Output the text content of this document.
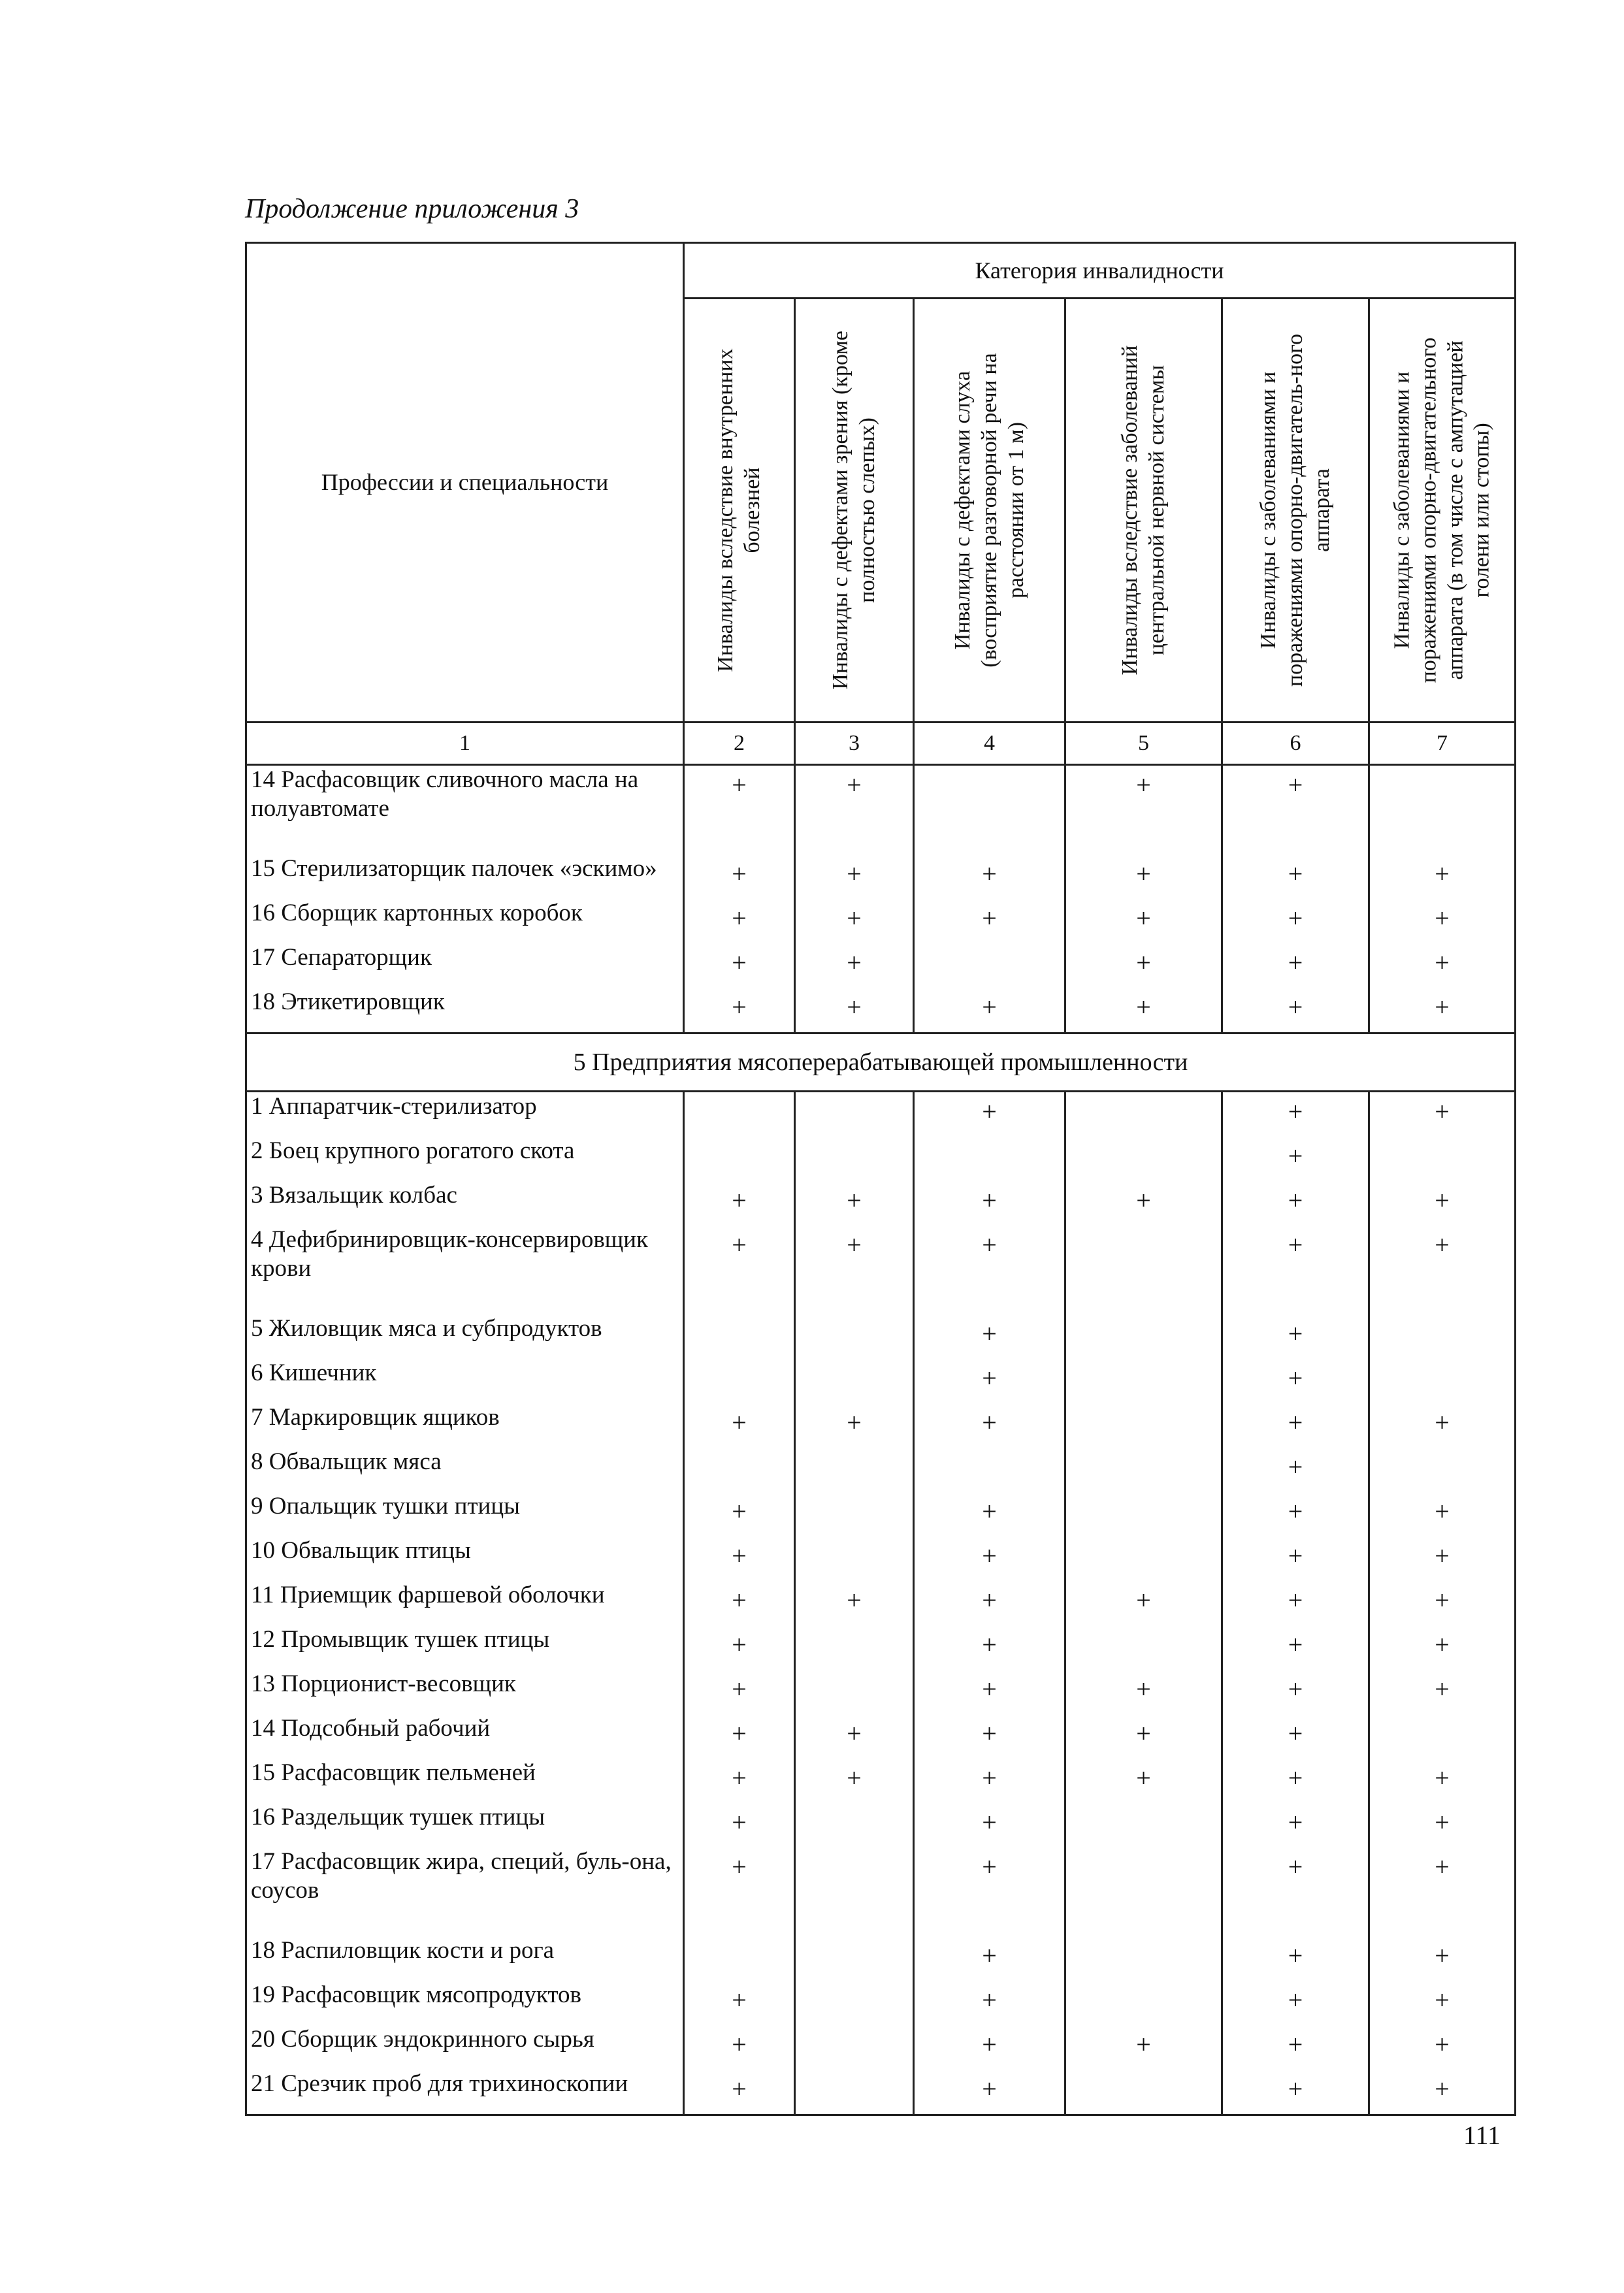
Продолжение приложения 3
Профессии и специальности	Категория инвалидности					

	Инвалиды вследствие внутренних болезней	Инвалиды с дефектами зрения (кроме полностью слепых)	Инвалиды с дефектами слуха (восприятие разговорной речи на расстоянии от 1 м)	Инвалиды вследствие заболеваний центральной нервной системы	Инвалиды с заболеваниями и поражениями опорно-двигатель-ного аппарата	Инвалиды с заболеваниями и поражениями опорно-двигательного аппарата (в том числе с ампутацией голени или стопы)

1	2	3	4	5	6	7
14 Расфасовщик сливочного масла на полуавтомате	+	+		+	+	
15 Стерилизаторщик палочек «эскимо»	+	+	+	+	+	+
16 Сборщик картонных коробок	+	+	+	+	+	+
17 Сепараторщик	+	+		+	+	+
18 Этикетировщик	+	+	+	+	+	+
5 Предприятия мясоперерабатывающей промышленности						
1 Аппаратчик-стерилизатор			+		+	+
2 Боец крупного рогатого скота					+	
3 Вязальщик колбас	+	+	+	+	+	+
4 Дефибринировщик-консервировщик крови	+	+	+		+	+
5 Жиловщик мяса и субпродуктов			+		+	
6 Кишечник			+		+	
7 Маркировщик ящиков	+	+	+		+	+
8 Обвальщик мяса					+	
9 Опальщик тушки птицы	+		+		+	+
10 Обвальщик птицы	+		+		+	+
11 Приемщик фаршевой оболочки	+	+	+	+	+	+
12 Промывщик тушек птицы	+		+		+	+
13 Порционист-весовщик	+		+	+	+	+
14 Подсобный рабочий	+	+	+	+	+	
15 Расфасовщик пельменей	+	+	+	+	+	+
16 Раздельщик тушек птицы	+		+		+	+
17 Расфасовщик жира, специй, буль-она, соусов	+		+		+	+
18 Распиловщик кости и рога			+		+	+
19 Расфасовщик мясопродуктов	+		+		+	+
20 Сборщик эндокринного сырья	+		+	+	+	+
21 Срезчик проб для трихиноскопии	+		+		+	+
111
